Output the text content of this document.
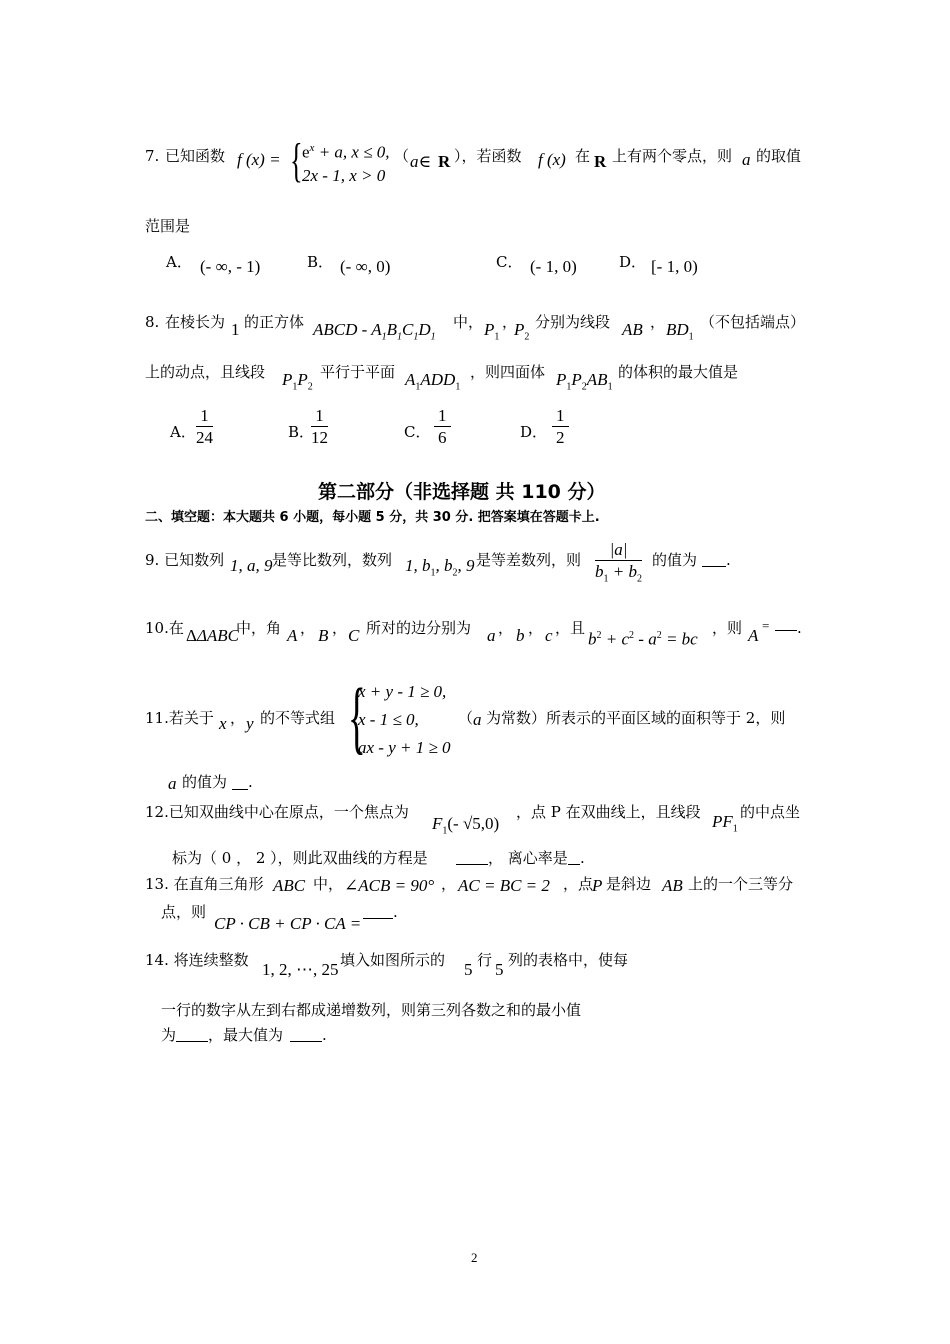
7. 已知函数 f (x) = { $e^x + a$, x ≤ 0,
2x - 1, x > 0
（ a∈ R ），若函数 f (x) 在 R 上有两个零点，则 a 的取值
范围是
A． (- ∞, - 1)	B． (- ∞, 0)	C． (- 1, 0)	D． [- 1, 0)
8. 在棱长为 1 的正方体 ABCD - $A_1B_1C_1D_1$
中， $P_1$
，
$P_2$
分别为线段 AB ， $BD_1$
（不包括端点）
上的动点，且线段 $P_1P_2$
平行于平面 $A_1ADD_1$
，则四面体 $P_1P_2AB_1$
的体积的最大值是
A． $\frac{1}{24}$	B．
$\frac{1}{12}$	C． $\frac{1}{6}$	D． $\frac{1}{2}$
第二部分（非选择题 共 110 分）
二、填空题：本大题共 6 小题，每小题 5 分，共 30 分. 把答案填在答题卡上.
9. 已知数列 1, a, 9 是等比数列，数列 1, $b_1$, $b_2$, 9 是等差数列，则 $\frac{|a|}{b_1 + b_2}$ 的值为 .
10.在 ΔΔABC
中，角 A ， B ， C 所对的边分别为 a ， b ， c ，且
$b^2 + c^2 - a^2$ = bc
，则 A
= .
11.若关于 x ， y 的不等式组 {
x + y - 1 ≥ 0,
x - 1 ≤ 0,
ax - y + 1 ≥ 0
（ a 为常数）所表示的平面区域的面积等于 2，则
a 的值为 .
12.已知双曲线中心在原点，一个焦点为
$F_1(-$ √5,0)
，点 P 在双曲线上，且线段 $PF_1$
的中点坐
标为（ 0 ， 2 ），则此双曲线的方程是	， 离心率是 .
13. 在直角三角形 ABC 中， ∠ACB = 90° ， AC = BC = 2 ，点
P 是斜边 AB 上的一个三等分
点，则
CP · CB + CP · CA =
.
14. 将连续整数 1, 2, ⋯, 25 填入如图所示的 5 行 5 列的表格中，使每
一行的数字从左到右都成递增数列，则第三列各数之和的最小值
为 ，最大值为	.
2
